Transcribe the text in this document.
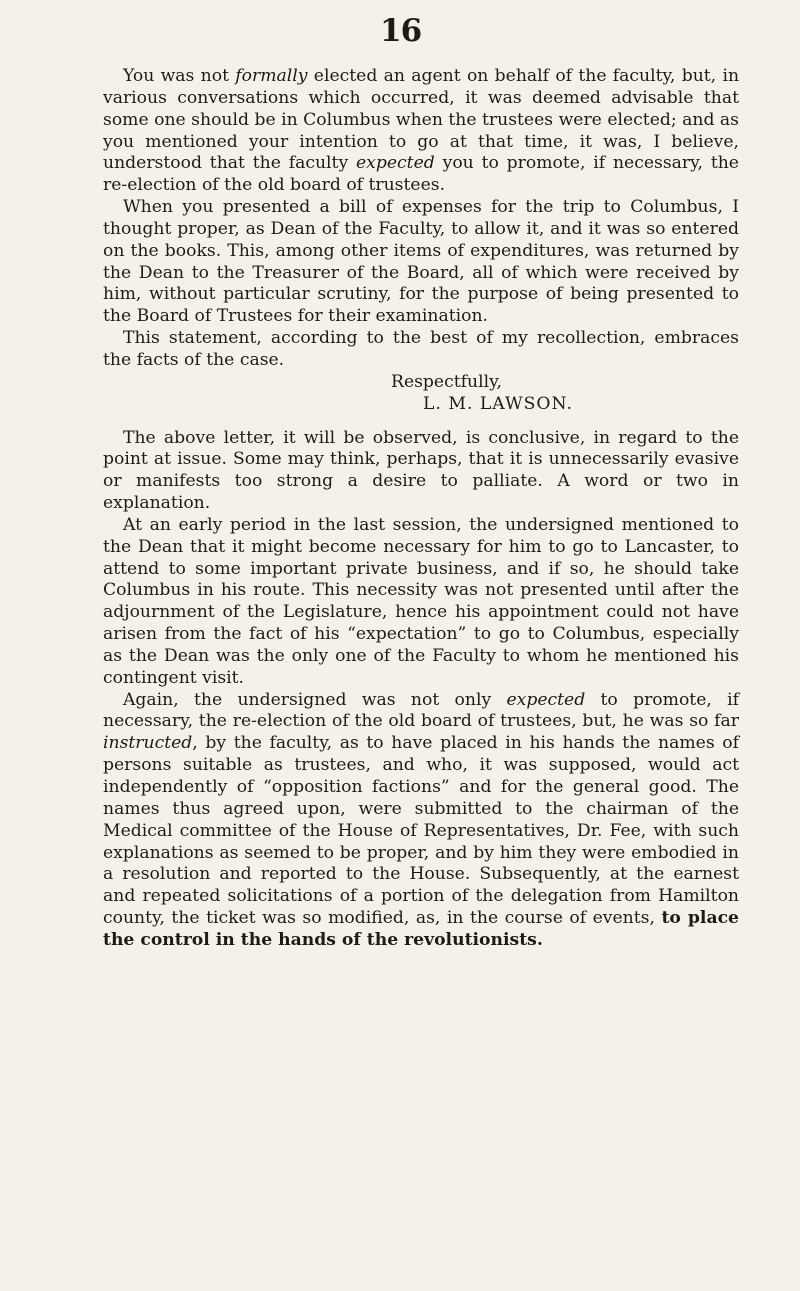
16

You was not formally elected an agent on behalf of the faculty, but, in various conversations which occurred, it was deemed advisable that some one should be in Columbus when the trustees were elected; and as you mentioned your intention to go at that time, it was, I believe, understood that the faculty expected you to promote, if necessary, the re-election of the old board of trustees.

When you presented a bill of expenses for the trip to Columbus, I thought proper, as Dean of the Faculty, to allow it, and it was so entered on the books. This, among other items of expenditures, was returned by the Dean to the Treasurer of the Board, all of which were received by him, without particular scrutiny, for the purpose of being presented to the Board of Trustees for their examination.

This statement, according to the best of my recollection, embraces the facts of the case.

Respectfully,

L. M. LAWSON.

The above letter, it will be observed, is conclusive, in regard to the point at issue. Some may think, perhaps, that it is unnecessarily evasive or manifests too strong a desire to palliate. A word or two in explanation.

At an early period in the last session, the undersigned mentioned to the Dean that it might become necessary for him to go to Lancaster, to attend to some important private business, and if so, he should take Columbus in his route. This necessity was not presented until after the adjournment of the Legislature, hence his appointment could not have arisen from the fact of his “expectation” to go to Columbus, especially as the Dean was the only one of the Faculty to whom he mentioned his contingent visit.

Again, the undersigned was not only expected to promote, if necessary, the re-election of the old board of trustees, but, he was so far instructed, by the faculty, as to have placed in his hands the names of persons suitable as trustees, and who, it was supposed, would act independently of “opposition factions” and for the general good. The names thus agreed upon, were submitted to the chairman of the Medical committee of the House of Representatives, Dr. Fee, with such explanations as seemed to be proper, and by him they were embodied in a resolution and reported to the House. Subsequently, at the earnest and repeated solicitations of a portion of the delegation from Hamilton county, the ticket was so modified, as, in the course of events, to place the control in the hands of the revolutionists.
